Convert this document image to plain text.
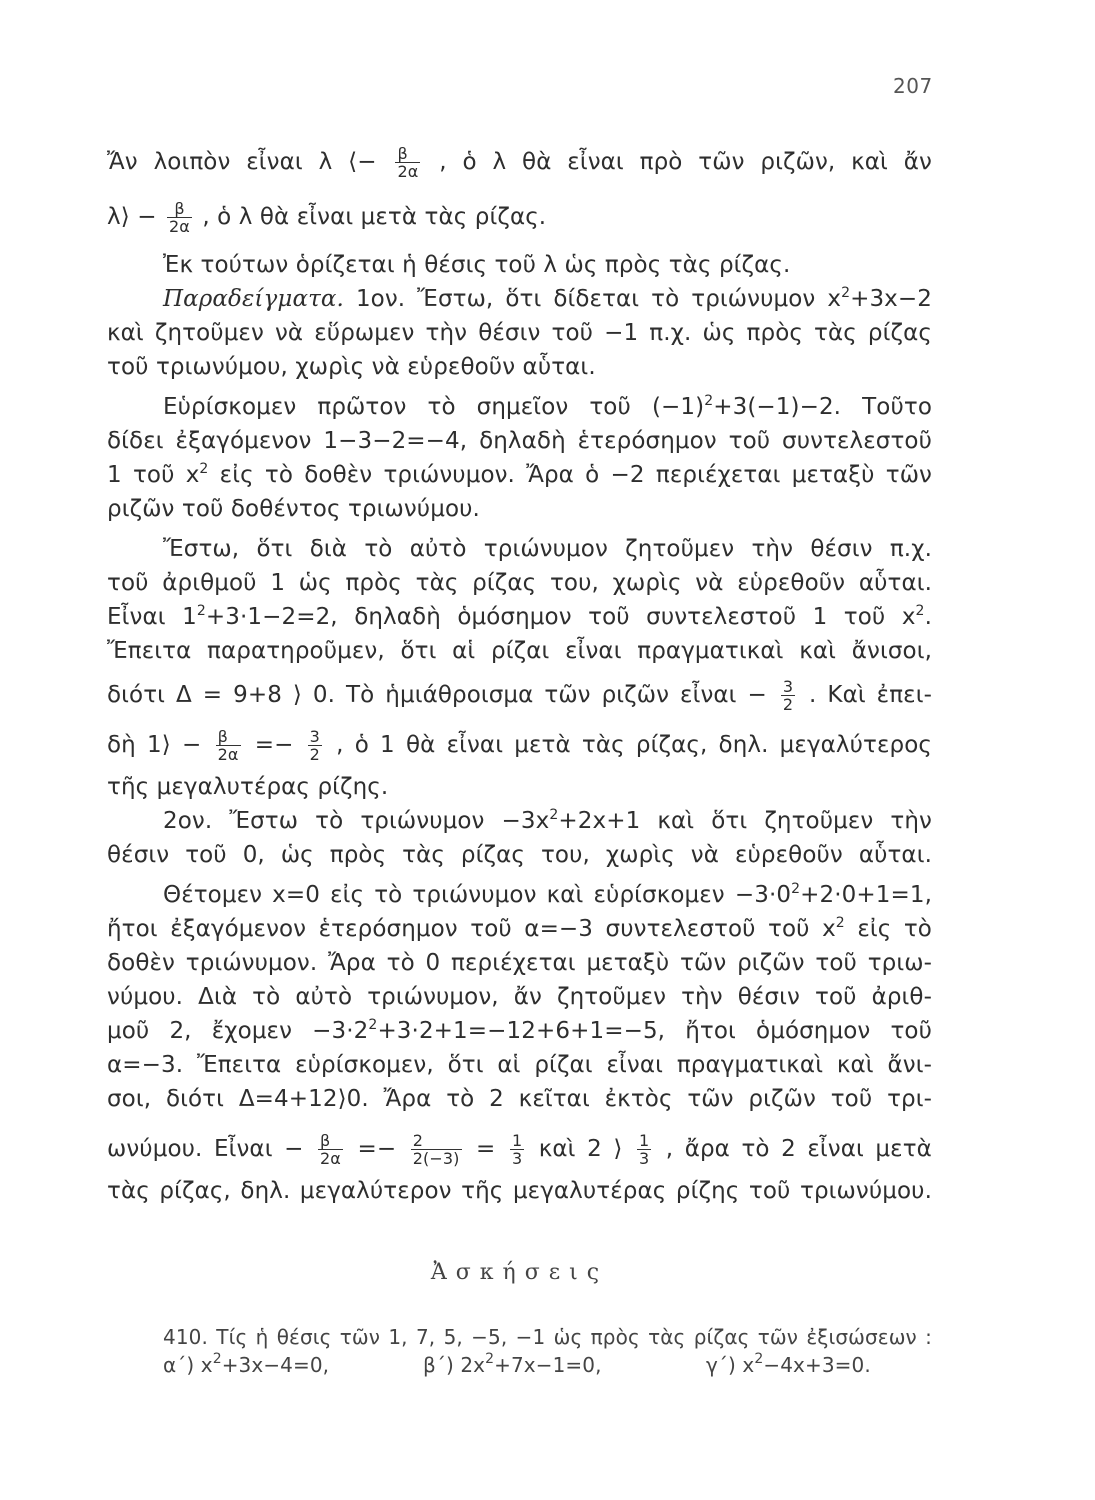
207
Ἄν λοιπὸν εἶναι λ ⟨− $\frac{\beta}{2\alpha}$ , ὁ λ θὰ εἶναι πρὸ τῶν ριζῶν, καὶ ἄν
λ⟩ − $\frac{\beta}{2\alpha}$ , ὁ λ θὰ εἶναι μετὰ τὰς ρίζας.
Ἐκ τούτων ὁρίζεται ἡ θέσις τοῦ λ ὡς πρὸς τὰς ρίζας.
Παραδείγματα. 1ον. Ἔστω, ὅτι δίδεται τὸ τριώνυμον $x^2+3x-2$
καὶ ζητοῦμεν νὰ εὕρωμεν τὴν θέσιν τοῦ −1 π.χ. ὡς πρὸς τὰς ρίζας
τοῦ τριωνύμου, χωρὶς νὰ εὑρεθοῦν αὗται.
Εὑρίσκομεν πρῶτον τὸ σημεῖον τοῦ $(-1)^2+3(-1)-2$. Τοῦτο
δίδει ἐξαγόμενον 1−3−2=−4, δηλαδὴ ἑτερόσημον τοῦ συντελεστοῦ
1 τοῦ $x^2$ εἰς τὸ δοθὲν τριώνυμον. Ἄρα ὁ −2 περιέχεται μεταξὺ τῶν
ριζῶν τοῦ δοθέντος τριωνύμου.
Ἔστω, ὅτι διὰ τὸ αὐτὸ τριώνυμον ζητοῦμεν τὴν θέσιν π.χ.
τοῦ ἀριθμοῦ 1 ὡς πρὸς τὰς ρίζας του, χωρὶς νὰ εὑρεθοῦν αὗται.
Εἶναι $1^2+3\cdot 1-2=2$, δηλαδὴ ὁμόσημον τοῦ συντελεστοῦ 1 τοῦ $x^2$.
Ἔπειτα παρατηροῦμεν, ὅτι αἱ ρίζαι εἶναι πραγματικαὶ καὶ ἄνισοι,
διότι Δ = 9+8 ⟩ 0. Τὸ ἡμιάθροισμα τῶν ριζῶν εἶναι − $\frac{3}{2}$ . Καὶ ἐπει-
δὴ 1⟩ − $\frac{\beta}{2\alpha} =- \frac{3}{2}$ , ὁ 1 θὰ εἶναι μετὰ τὰς ρίζας, δηλ. μεγαλύτερος
τῆς μεγαλυτέρας ρίζης.
2ον. Ἔστω τὸ $\tau\rho\iota ώ\nu\upsilon\mu o\nu -3x^2+2x+1$ καὶ ὅτι ζητοῦμεν τὴν
θέσιν τοῦ 0, ὡς πρὸς τὰς ρίζας του, χωρὶς νὰ εὑρεθοῦν αὗται.
Θέτομεν x=0 εἰς τὸ τριώνυμον καὶ εὑρίσκομεν $-3\cdot 0^2+2\cdot 0+1=1$,
ἤτοι ἐξαγόμενον ἑτερόσημον τοῦ α=−3 συντελεστοῦ τοῦ $x^2$ εἰς τὸ
δοθὲν τριώνυμον. Ἄρα τὸ 0 περιέχεται μεταξὺ τῶν ριζῶν τοῦ τριω-
νύμου. Διὰ τὸ αὐτὸ τριώνυμον, ἄν ζητοῦμεν τὴν θέσιν τοῦ ἀριθ-
μοῦ 2, ἔχομεν $-3\cdot 2^2+3\cdot 2+1=-12+6+1=-5$, ἤτοι ὁμόσημον τοῦ
α=−3. Ἔπειτα εὑρίσκομεν, ὅτι αἱ ρίζαι εἶναι πραγματικαὶ καὶ ἄνι-
σοι, διότι Δ=4+12⟩0. Ἄρα τὸ 2 κεῖται ἐκτὸς τῶν ριζῶν τοῦ τρι-
ωνύμου. Εἶναι − $\frac{\beta}{2\alpha} =- \frac{2}{2(-3)} = \frac{1}{3}$ καὶ 2 ⟩ $\frac{1}{3}$ , ἄρα τὸ 2 εἶναι μετὰ
τὰς ρίζας, δηλ. μεγαλύτερον τῆς μεγαλυτέρας ρίζης τοῦ τριωνύμου.
Ἀσκήσεις
410. Τίς ἡ θέσις τῶν 1, 7, 5, −5, −1 ὡς πρὸς τὰς ρίζας τῶν ἐξισώσεων :
α΄) $x^2+3x-4=0$,	β΄) $2x^2+7x-1=0$,	γ΄) $x^2-4x+3=0$.
